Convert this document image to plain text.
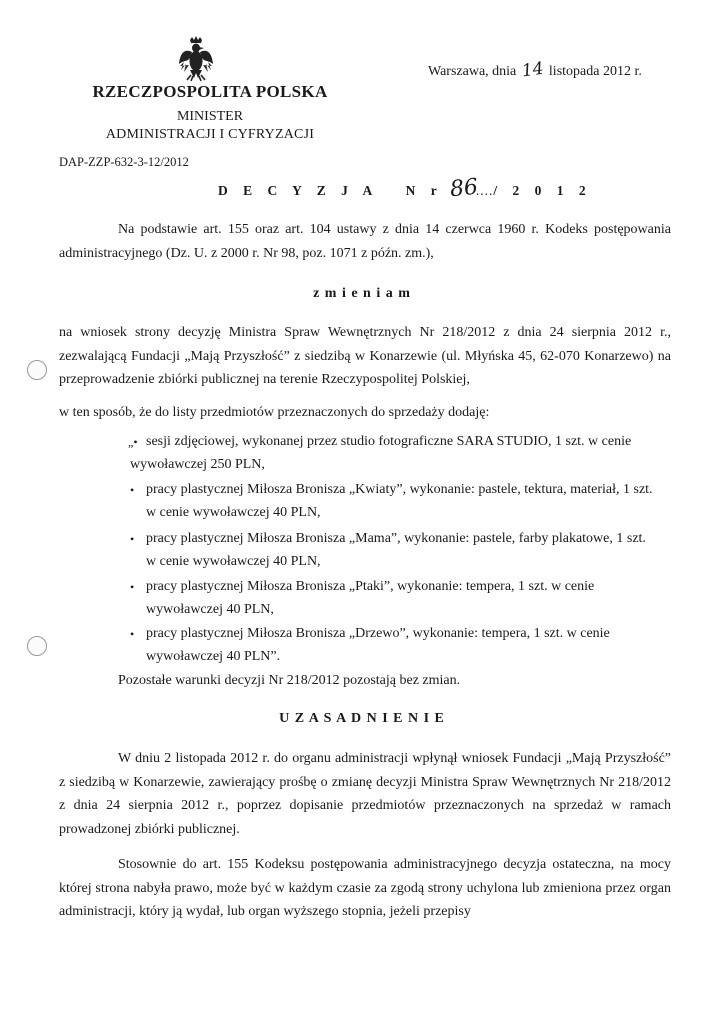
RZECZPOSPOLITA POLSKA
MINISTER
ADMINISTRACJI I CYFRYZACJI
Warszawa, dnia 14 listopada 2012 r.
DAP-ZZP-632-3-12/2012
D E C Y Z J A   N r 86..../ 2 0 1 2
Na podstawie art. 155 oraz art. 104 ustawy z dnia 14 czerwca 1960 r. Kodeks postępowania administracyjnego (Dz. U. z 2000 r. Nr 98, poz. 1071 z późn. zm.),
z m i e n i a m
na wniosek strony decyzję Ministra Spraw Wewnętrznych Nr 218/2012 z dnia 24 sierpnia 2012 r., zezwalającą Fundacji „Mają Przyszłość” z siedzibą w Konarzewie (ul. Młyńska 45, 62-070 Konarzewo) na przeprowadzenie zbiórki publicznej na terenie Rzeczypospolitej Polskiej,
w ten sposób, że do listy przedmiotów przeznaczonych do sprzedaży dodaję:
„• sesji zdjęciowej, wykonanej przez studio fotograficzne SARA STUDIO, 1 szt. w cenie
wywoławczej 250 PLN,
• pracy plastycznej Miłosza Bronisza „Kwiaty”, wykonanie: pastele, tektura, materiał, 1 szt.
w cenie wywoławczej 40 PLN,
• pracy plastycznej Miłosza Bronisza „Mama”, wykonanie: pastele, farby plakatowe, 1 szt.
w cenie wywoławczej 40 PLN,
• pracy plastycznej Miłosza Bronisza „Ptaki”, wykonanie: tempera, 1 szt. w cenie
wywoławczej 40 PLN,
• pracy plastycznej Miłosza Bronisza „Drzewo”, wykonanie: tempera, 1 szt. w cenie
wywoławczej 40 PLN”.
Pozostałe warunki decyzji Nr 218/2012 pozostają bez zmian.
U Z A S A D N I E N I E
W dniu 2 listopada 2012 r. do organu administracji wpłynął wniosek Fundacji „Mają Przyszłość” z siedzibą w Konarzewie, zawierający prośbę o zmianę decyzji Ministra Spraw Wewnętrznych Nr 218/2012 z dnia 24 sierpnia 2012 r., poprzez dopisanie przedmiotów przeznaczonych na sprzedaż w ramach prowadzonej zbiórki publicznej.
Stosownie do art. 155 Kodeksu postępowania administracyjnego decyzja ostateczna, na mocy której strona nabyła prawo, może być w każdym czasie za zgodą strony uchylona lub zmieniona przez organ administracji, który ją wydał, lub organ wyższego stopnia, jeżeli przepisy
